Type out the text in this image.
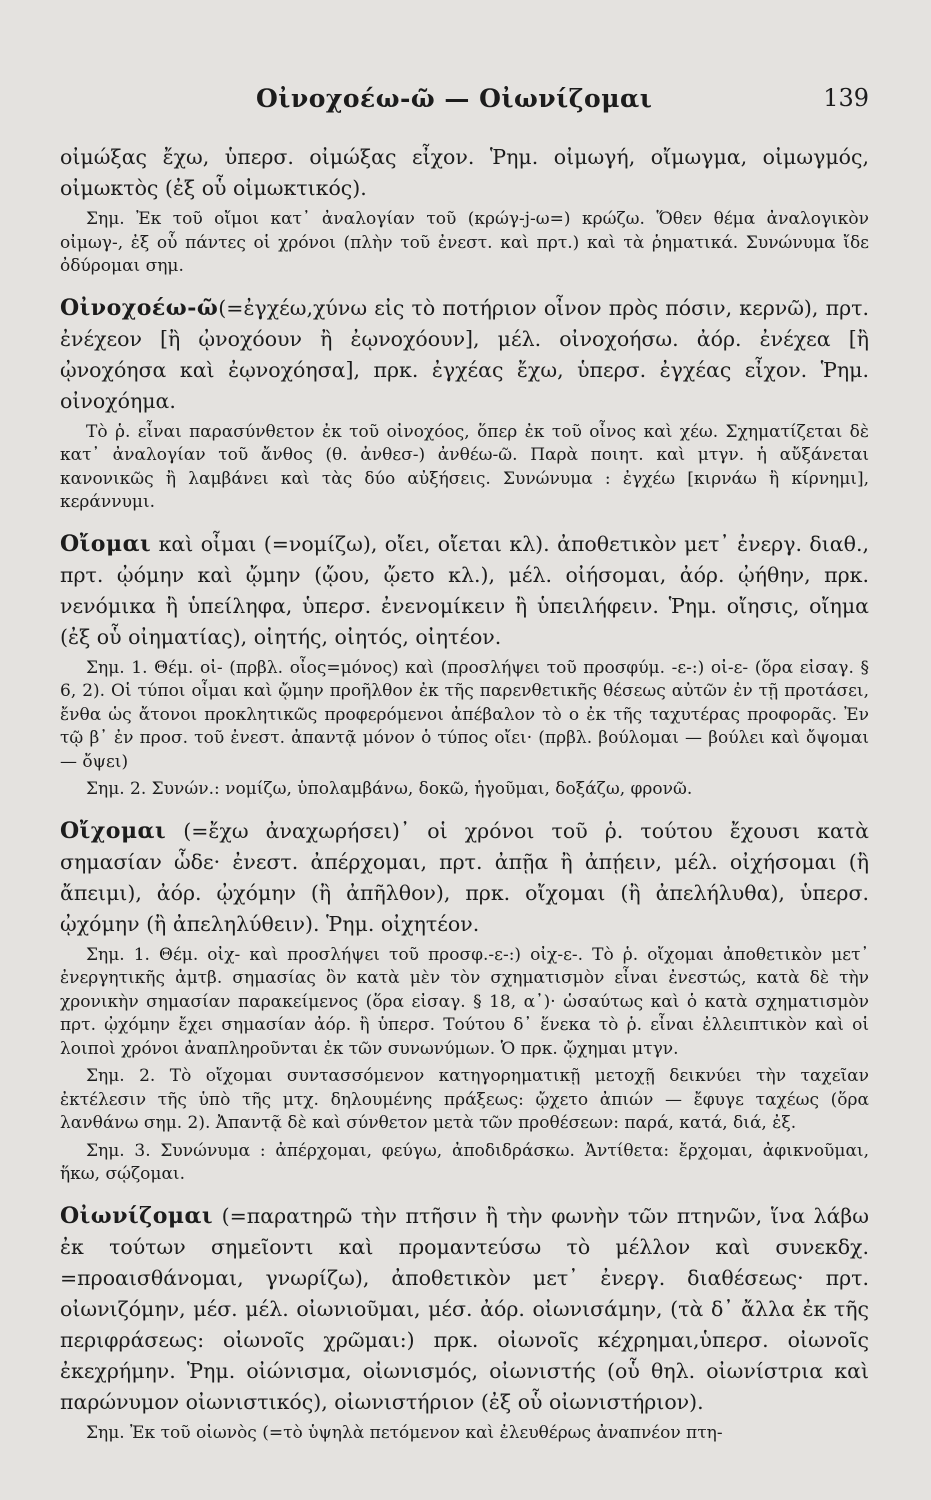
Οἰνοχοέω-ῶ — Οἰωνίζομαι	139

οἰμώξας ἔχω, ὑπερσ. οἰμώξας εἶχον. Ῥημ. οἰμωγή, οἴμωγμα, οἰμωγμός, οἰμωκτὸς (ἐξ οὗ οἰμωκτικός).

Σημ. Ἐκ τοῦ οἴμοι κατ᾽ ἀναλογίαν τοῦ (κρώγ-j-ω=) κρώζω. Ὅθεν θέμα ἀναλογικὸν οἰμωγ-, ἐξ οὗ πάντες οἱ χρόνοι (πλὴν τοῦ ἐνεστ. καὶ πρτ.) καὶ τὰ ῥηματικά. Συνώνυμα ἴδε ὀδύρομαι σημ.

Οἰνοχοέω-ῶ(=ἐγχέω,χύνω εἰς τὸ ποτήριον οἶνον πρὸς πόσιν, κερνῶ), πρτ. ἐνέχεον [ἢ ᾠνοχόουν ἢ ἐῳνοχόουν], μέλ. οἰνοχοήσω. ἀόρ. ἐνέχεα [ἢ ᾠνοχόησα καὶ ἐῳνοχόησα], πρκ. ἐγχέας ἔχω, ὑπερσ. ἐγχέας εἶχον. Ῥημ. οἰνοχόημα.

Τὸ ῥ. εἶναι παρασύνθετον ἐκ τοῦ οἰνοχόος, ὅπερ ἐκ τοῦ οἶνος καὶ χέω. Σχηματίζεται δὲ κατ᾽ ἀναλογίαν τοῦ ἄνθος (θ. ἀνθεσ-) ἀνθέω-ῶ. Παρὰ ποιητ. καὶ μτγν. ἡ αὔξάνεται κανονικῶς ἢ λαμβάνει καὶ τὰς δύο αὐξήσεις. Συνώνυμα : ἐγχέω [κιρνάω ἢ κίρνημι], κεράννυμι.

Οἴομαι καὶ οἶμαι (=νομίζω), οἴει, οἴεται κλ). ἀποθετικὸν μετ᾽ ἐνεργ. διαθ., πρτ. ᾠόμην καὶ ᾤμην (ᾤου, ᾤετο κλ.), μέλ. οἰήσομαι, ἀόρ. ᾠήθην, πρκ. νενόμικα ἢ ὑπείληφα, ὑπερσ. ἐνενομίκειν ἢ ὑπειλήφειν. Ῥημ. οἴησις, οἴημα (ἐξ οὗ οἰηματίας), οἰητής, οἰητός, οἰητέον.

Σημ. 1. Θέμ. οἰ- (πρβλ. οἶος=μόνος) καὶ (προσλήψει τοῦ προσφύμ. -ε-:) οἰ-ε- (ὅρα εἰσαγ. § 6, 2). Οἱ τύποι οἶμαι καὶ ᾤμην προῆλθον ἐκ τῆς παρενθετικῆς θέσεως αὐτῶν ἐν τῇ προτάσει, ἔνθα ὡς ἄτονοι προκλητικῶς προφερόμενοι ἀπέβαλον τὸ ο ἐκ τῆς ταχυτέρας προφορᾶς. Ἐν τῷ β᾽ ἐν προσ. τοῦ ἐνεστ. ἀπαντᾷ μόνον ὁ τύπος οἴει· (πρβλ. βούλομαι — βούλει καὶ ὄψομαι — ὄψει)

Σημ. 2. Συνών.: νομίζω, ὑπολαμβάνω, δοκῶ, ἡγοῦμαι, δοξάζω, φρονῶ.

Οἴχομαι (=ἔχω ἀναχωρήσει)᾽ οἱ χρόνοι τοῦ ῥ. τούτου ἔχουσι κατὰ σημασίαν ὧδε· ἐνεστ. ἀπέρχομαι, πρτ. ἀπῇα ἢ ἀπῄειν, μέλ. οἰχήσομαι (ἢ ἄπειμι), ἀόρ. ᾠχόμην (ἢ ἀπῆλθον), πρκ. οἴχομαι (ἢ ἀπελήλυθα), ὑπερσ. ᾠχόμην (ἢ ἀπεληλύθειν). Ῥημ. οἰχητέον.

Σημ. 1. Θέμ. οἰχ- καὶ προσλήψει τοῦ προσφ.-ε-:) οἰχ-ε-. Τὸ ῥ. οἴχομαι ἀποθετικὸν μετ᾽ ἐνεργητικῆς ἀμτβ. σημασίας ὂν κατὰ μὲν τὸν σχηματισμὸν εἶναι ἐνεστώς, κατὰ δὲ τὴν χρονικὴν σημασίαν παρακείμενος (ὅρα εἰσαγ. § 18, α᾽)· ὡσαύτως καὶ ὁ κατὰ σχηματισμὸν πρτ. ᾠχόμην ἔχει σημασίαν ἀόρ. ἢ ὑπερσ. Τούτου δ᾽ ἕνεκα τὸ ῥ. εἶναι ἐλλειπτικὸν καὶ οἱ λοιποὶ χρόνοι ἀναπληροῦνται ἐκ τῶν συνωνύμων. Ὁ πρκ. ᾤχημαι μτγν.

Σημ. 2. Τὸ οἴχομαι συντασσόμενον κατηγορηματικῇ μετοχῇ δεικνύει τὴν ταχεῖαν ἐκτέλεσιν τῆς ὑπὸ τῆς μτχ. δηλουμένης πράξεως: ᾤχετο ἀπιών — ἔφυγε ταχέως (ὅρα λανθάνω σημ. 2). Ἀπαντᾷ δὲ καὶ σύνθετον μετὰ τῶν προθέσεων: παρά, κατά, διά, ἐξ.

Σημ. 3. Συνώνυμα : ἀπέρχομαι, φεύγω, ἀποδιδράσκω. Ἀντίθετα: ἔρχομαι, ἀφικνοῦμαι, ἥκω, σῴζομαι.

Οἰωνίζομαι (=παρατηρῶ τὴν πτῆσιν ἢ τὴν φωνὴν τῶν πτηνῶν, ἵνα λάβω ἐκ τούτων σημεῖοντι καὶ προμαντεύσω τὸ μέλλον καὶ συνεκδχ. =προαισθάνομαι, γνωρίζω), ἀποθετικὸν μετ᾽ ἐνεργ. διαθέσεως· πρτ. οἰωνιζόμην, μέσ. μέλ. οἰωνιοῦμαι, μέσ. ἀόρ. οἰωνισάμην, (τὰ δ᾽ ἄλλα ἐκ τῆς περιφράσεως: οἰωνοῖς χρῶμαι:) πρκ. οἰωνοῖς κέχρημαι,ὑπερσ. οἰωνοῖς ἐκεχρήμην. Ῥημ. οἰώνισμα, οἰωνισμός, οἰωνιστής (οὗ θηλ. οἰωνίστρια καὶ παρώνυμον οἰωνιστικός), οἰωνιστήριον (ἐξ οὗ οἰωνιστήριον).

Σημ. Ἐκ τοῦ οἰωνὸς (=τὸ ὑψηλὰ πετόμενον καὶ ἐλευθέρως ἀναπνέον πτη-
